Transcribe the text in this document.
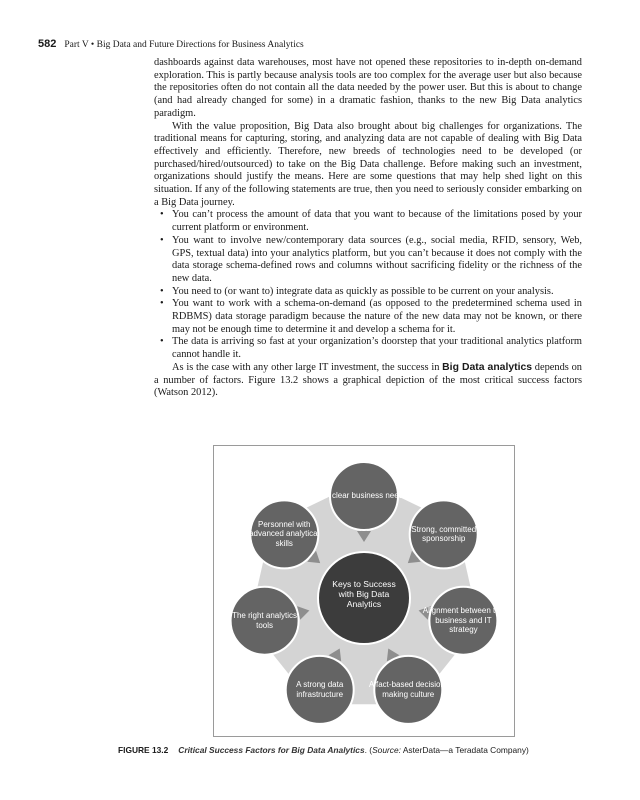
582 Part V • Big Data and Future Directions for Business Analytics

dashboards against data warehouses, most have not opened these repositories to in-depth on-demand exploration. This is partly because analysis tools are too complex for the average user but also because the repositories often do not contain all the data needed by the power user. But this is about to change (and had already changed for some) in a dramatic fashion, thanks to the new Big Data analytics paradigm.

With the value proposition, Big Data also brought about big challenges for organizations. The traditional means for capturing, storing, and analyzing data are not capable of dealing with Big Data effectively and efficiently. Therefore, new breeds of technologies need to be developed (or purchased/hired/outsourced) to take on the Big Data challenge. Before making such an investment, organizations should justify the means. Here are some questions that may help shed light on this situation. If any of the following statements are true, then you need to seriously consider embarking on a Big Data journey.

• You can’t process the amount of data that you want to because of the limitations posed by your current platform or environment.
• You want to involve new/contemporary data sources (e.g., social media, RFID, sensory, Web, GPS, textual data) into your analytics platform, but you can’t because it does not comply with the data storage schema-defined rows and columns without sacrificing fidelity or the richness of the new data.
• You need to (or want to) integrate data as quickly as possible to be current on your analysis.
• You want to work with a schema-on-demand (as opposed to the predetermined schema used in RDBMS) data storage paradigm because the nature of the new data may not be known, or there may not be enough time to determine it and develop a schema for it.
• The data is arriving so fast at your organization’s doorstep that your traditional analytics platform cannot handle it.

As is the case with any other large IT investment, the success in Big Data analytics depends on a number of factors. Figure 13.2 shows a graphical depiction of the most critical success factors (Watson 2012).

A clear business need
Strong, committed sponsorship
Alignment between the business and IT strategy
A fact-based decision-making culture
A strong data infrastructure
The right analytics tools
Personnel with advanced analytical skills
Keys to Success with Big Data Analytics
FIGURE 13.2 Critical Success Factors for Big Data Analytics. (Source: AsterData—a Teradata Company)
